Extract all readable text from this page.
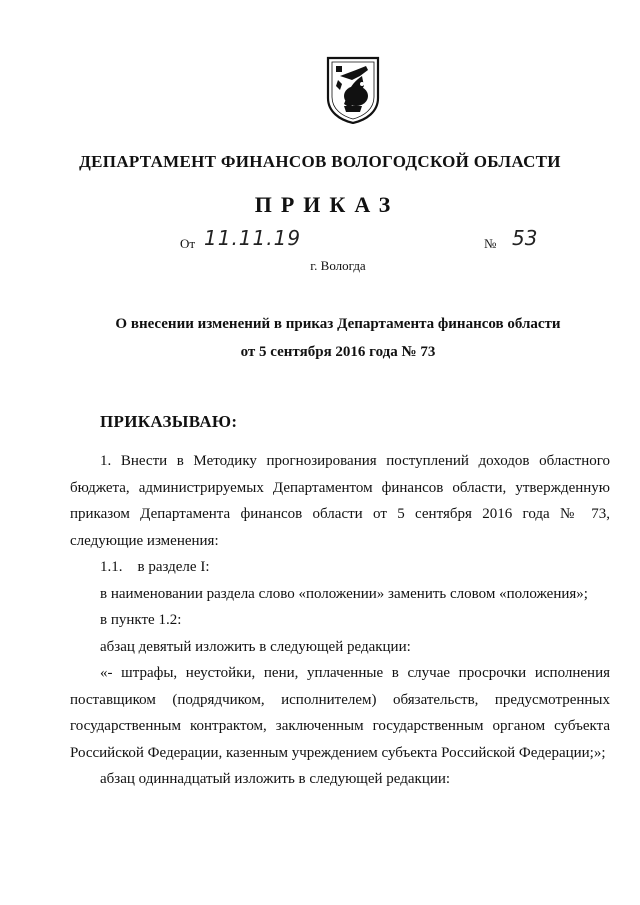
ДЕПАРТАМЕНТ ФИНАНСОВ ВОЛОГОДСКОЙ ОБЛАСТИ
ПРИКАЗ
От 11.11.19	№ 53
г. Вологда
О внесении изменений в приказ Департамента финансов области
от 5 сентября 2016 года № 73
ПРИКАЗЫВАЮ:

1. Внести в Методику прогнозирования поступлений доходов областного

бюджета, администрируемых Департаментом финансов области, утвержденную

приказом Департамента финансов области от 5 сентября 2016 года № 73,

следующие изменения:

1.1.    в разделе I:

в наименовании раздела слово «положении» заменить словом «положения»;

в пункте 1.2:

абзац девятый изложить в следующей редакции:

«- штрафы, неустойки, пени, уплаченные в случае просрочки исполнения

поставщиком (подрядчиком, исполнителем) обязательств, предусмотренных

государственным контрактом, заключенным государственным органом субъекта

Российской Федерации, казенным учреждением субъекта Российской Федерации;»;

абзац одиннадцатый изложить в следующей редакции:
